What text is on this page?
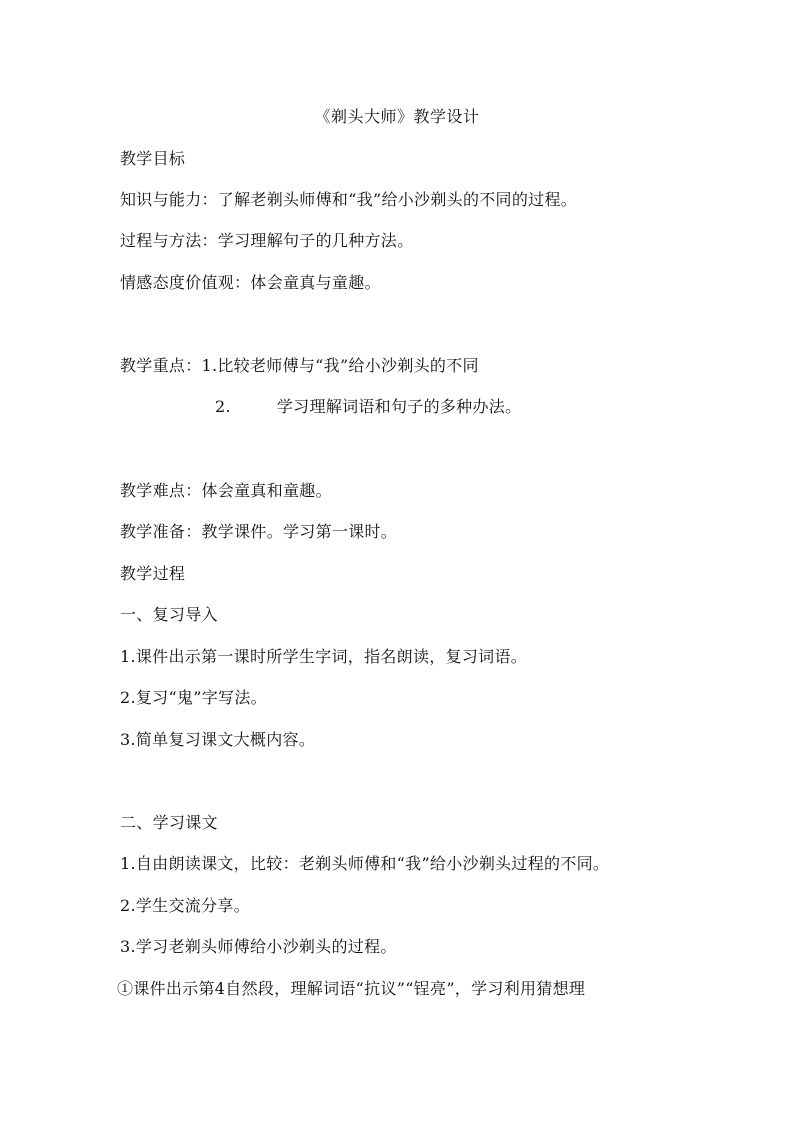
《剃头大师》教学设计
教学目标
知识与能力：了解老剃头师傅和“我”给小沙剃头的不同的过程。
过程与方法：学习理解句子的几种方法。
情感态度价值观：体会童真与童趣。
教学重点：1.比较老师傅与“我”给小沙剃头的不同
2.	学习理解词语和句子的多种办法。
教学难点：体会童真和童趣。
教学准备：教学课件。学习第一课时。
教学过程
一、复习导入
1.课件出示第一课时所学生字词，指名朗读，复习词语。
2.复习“鬼”字写法。
3.简单复习课文大概内容。
二、学习课文
1.自由朗读课文，比较：老剃头师傅和“我”给小沙剃头过程的不同。
2.学生交流分享。
3.学习老剃头师傅给小沙剃头的过程。
①课件出示第4自然段，理解词语“抗议”“锃亮”，学习利用猜想理
